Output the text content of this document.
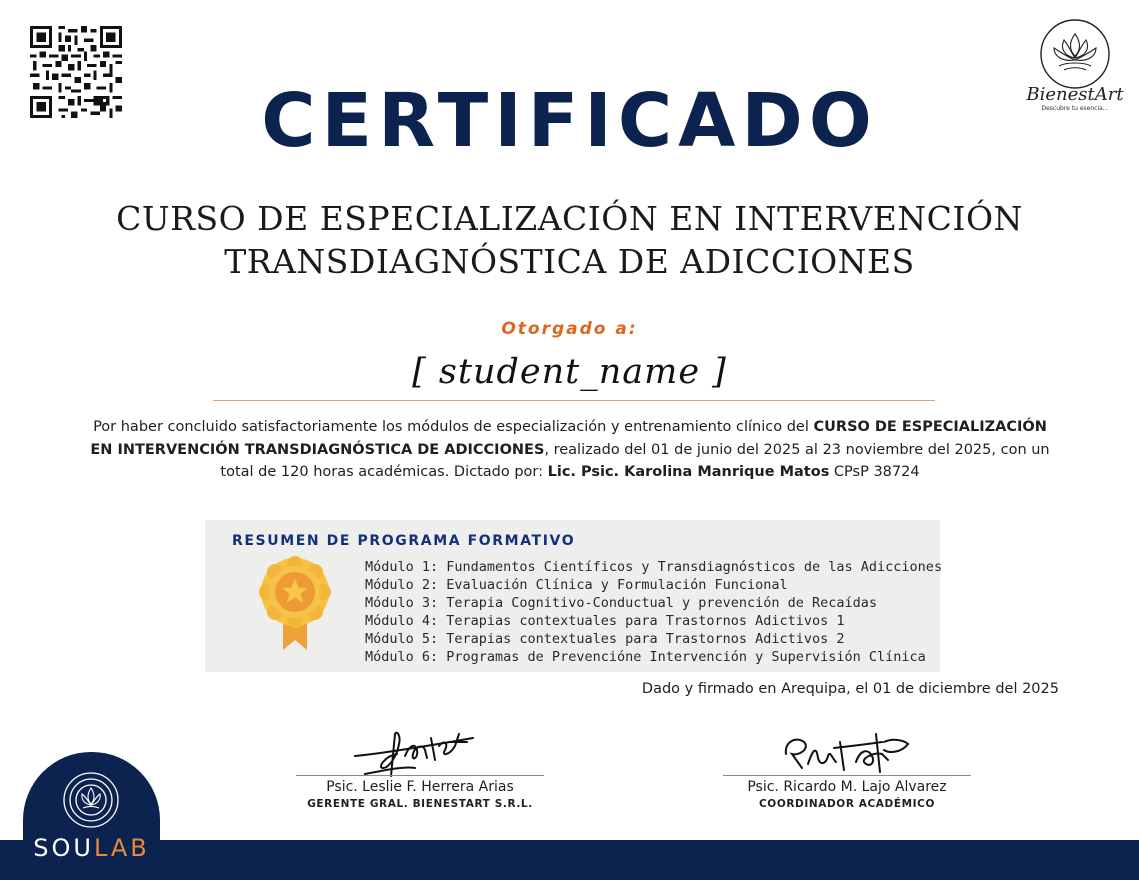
BienestArt
Descubre tu esencia...
CERTIFICADO
CURSO DE ESPECIALIZACIÓN EN INTERVENCIÓN
TRANSDIAGNÓSTICA DE ADICCIONES
Otorgado a:
[ student_name ]
Por haber concluido satisfactoriamente los módulos de especialización y entrenamiento clínico del CURSO DE ESPECIALIZACIÓN EN INTERVENCIÓN TRANSDIAGNÓSTICA DE ADICCIONES, realizado del 01 de junio del 2025 al 23 noviembre del 2025, con un total de 120 horas académicas. Dictado por: Lic. Psic. Karolina Manrique Matos CPsP 38724
RESUMEN DE PROGRAMA FORMATIVO
Módulo 1: Fundamentos Científicos y Transdiagnósticos de las Adicciones
Módulo 2: Evaluación Clínica y Formulación Funcional
Módulo 3: Terapia Cognitivo-Conductual y prevención de Recaídas
Módulo 4: Terapias contextuales para Trastornos Adictivos 1
Módulo 5: Terapias contextuales para Trastornos Adictivos 2
Módulo 6: Programas de Prevencióne Intervención y Supervisión Clínica
Dado y firmado en Arequipa, el 01 de diciembre del 2025
Psic. Leslie F. Herrera Arias
GERENTE GRAL. BIENESTART S.R.L.
Psic. Ricardo M. Lajo Alvarez
COORDINADOR ACADÉMICO
SOULAB
